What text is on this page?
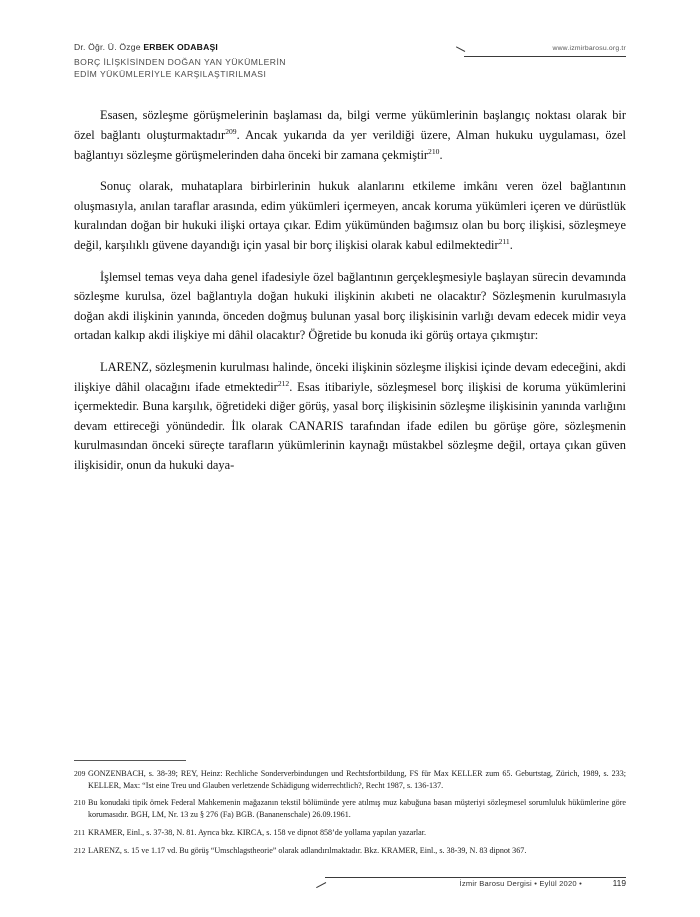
www.izmirbarosu.org.tr
Dr. Öğr. Ü. Özge ERBEK ODABAŞI
BORÇ İLİŞKİSİNDEN DOĞAN YAN YÜKÜMLERİN
EDİM YÜKÜMLERİYLE KARŞILAŞTIRILMASI

Esasen, sözleşme görüşmelerinin başlaması da, bilgi verme yükümlerinin başlangıç noktası olarak bir özel bağlantı oluşturmaktadır$^{209}$. Ancak yukarıda da yer verildiği üzere, Alman hukuku uygulaması, özel bağlantıyı sözleşme görüşmelerinden daha önceki bir zamana çekmiştir$^{210}$.

Sonuç olarak, muhataplara birbirlerinin hukuk alanlarını etkileme imkânı veren özel bağlantının oluşmasıyla, anılan taraflar arasında, edim yükümleri içermeyen, ancak koruma yükümleri içeren ve dürüstlük kuralından doğan bir hukuki ilişki ortaya çıkar. Edim yükümünden bağımsız olan bu borç ilişkisi, sözleşmeye değil, karşılıklı güvene dayandığı için yasal bir borç ilişkisi olarak kabul edilmektedir$^{211}$.

İşlemsel temas veya daha genel ifadesiyle özel bağlantının gerçekleşmesiyle başlayan sürecin devamında sözleşme kurulsa, özel bağlantıyla doğan hukuki ilişkinin akıbeti ne olacaktır? Sözleşmenin kurulmasıyla doğan akdi ilişkinin yanında, önceden doğmuş bulunan yasal borç ilişkisinin varlığı devam edecek midir veya ortadan kalkıp akdi ilişkiye mi dâhil olacaktır? Öğretide bu konuda iki görüş ortaya çıkmıştır:

LARENZ, sözleşmenin kurulması halinde, önceki ilişkinin sözleşme ilişkisi içinde devam edeceğini, akdi ilişkiye dâhil olacağını ifade etmektedir$^{212}$. Esas itibariyle, sözleşmesel borç ilişkisi de koruma yükümlerini içermektedir. Buna karşılık, öğretideki diğer görüş, yasal borç ilişkisinin sözleşme ilişkisinin yanında varlığını devam ettireceği yönündedir. İlk olarak CANARIS tarafından ifade edilen bu görüşe göre, sözleşmenin kurulmasından önceki süreçte tarafların yükümlerinin kaynağı müstakbel sözleşme değil, ortaya çıkan güven ilişkisidir, onun da hukuki daya-

209 GONZENBACH, s. 38-39; REY, Heinz: Rechliche Sonderverbindungen und Rechtsfortbildung, FS für Max KELLER zum 65. Geburtstag, Zürich, 1989, s. 233; KELLER, Max: “Ist eine Treu und Glauben verletzende Schädigung widerrechtlich?, Recht 1987, s. 136-137.
210 Bu konudaki tipik örnek Federal Mahkemenin mağazanın tekstil bölümünde yere atılmış muz kabuğuna basan müşteriyi sözleşmesel sorumluluk hükümlerine göre korumasıdır. BGH, LM, Nr. 13 zu § 276 (Fa) BGB. (Bananenschale) 26.09.1961.
211 KRAMER, Einl., s. 37-38, N. 81. Ayrıca bkz. KIRCA, s. 158 ve dipnot 858’de yollama yapılan yazarlar.
212 LARENZ, s. 15 ve 1.17 vd. Bu görüş “Umschlagstheorie” olarak adlandırılmaktadır. Bkz. KRAMER, Einl., s. 38-39, N. 83 dipnot 367.
İzmir Barosu Dergisi • Eylül 2020 •	119
